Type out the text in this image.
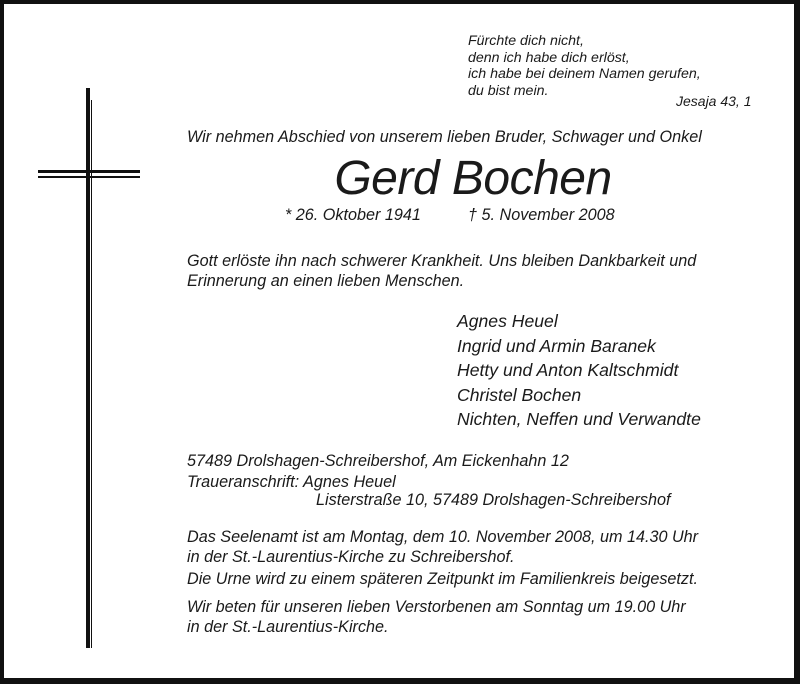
Fürchte dich nicht,
denn ich habe dich erlöst,
ich habe bei deinem Namen gerufen,
du bist mein.
Jesaja 43, 1
Wir nehmen Abschied von unserem lieben Bruder, Schwager und Onkel
Gerd Bochen
* 26. Oktober 1941	† 5. November 2008
Gott erlöste ihn nach schwerer Krankheit. Uns bleiben Dankbarkeit und
Erinnerung an einen lieben Menschen.
Agnes Heuel
Ingrid und Armin Baranek
Hetty und Anton Kaltschmidt
Christel Bochen
Nichten, Neffen und Verwandte
57489 Drolshagen-Schreibershof, Am Eickenhahn 12
Traueranschrift: Agnes Heuel
Listerstraße 10, 57489 Drolshagen-Schreibershof
Das Seelenamt ist am Montag, dem 10. November 2008, um 14.30 Uhr
in der St.-Laurentius-Kirche zu Schreibershof.
Die Urne wird zu einem späteren Zeitpunkt im Familienkreis beigesetzt.
Wir beten für unseren lieben Verstorbenen am Sonntag um 19.00 Uhr
in der St.-Laurentius-Kirche.
